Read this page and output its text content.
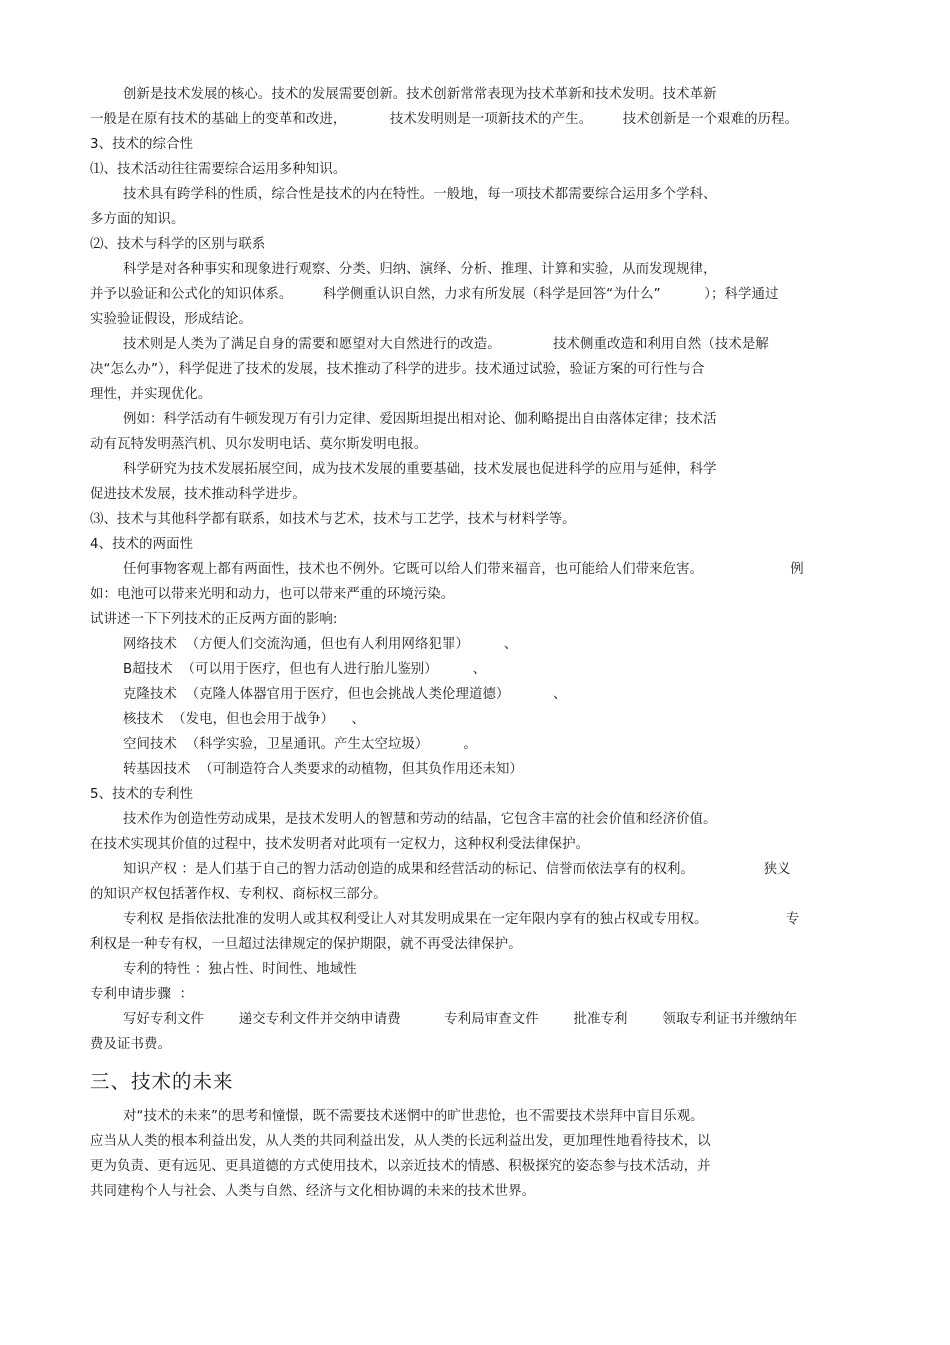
创新是技术发展的核心。技术的发展需要创新。技术创新常常表现为技术革新和技术发明。技术革新
一般是在原有技术的基础上的变革和改进，          技术发明则是一项新技术的产生。       技术创新是一个艰难的历程。
3、技术的综合性
⑴、技术活动往往需要综合运用多种知识。
技术具有跨学科的性质，综合性是技术的内在特性。一般地，每一项技术都需要综合运用多个学科、
多方面的知识。
⑵、技术与科学的区别与联系
科学是对各种事实和现象进行观察、分类、归纳、演绎、分析、推理、计算和实验，从而发现规律，
并予以验证和公式化的知识体系。       科学侧重认识自然，力求有所发展（科学是回答“为什么”          ）；科学通过
实验验证假设，形成结论。
技术则是人类为了满足自身的需要和愿望对大自然进行的改造。            技术侧重改造和利用自然（技术是解
决“怎么办”），科学促进了技术的发展，技术推动了科学的进步。技术通过试验，验证方案的可行性与合
理性，并实现优化。
例如：科学活动有牛顿发现万有引力定律、爱因斯坦提出相对论、伽利略提出自由落体定律；技术活
动有瓦特发明蒸汽机、贝尔发明电话、莫尔斯发明电报。
科学研究为技术发展拓展空间，成为技术发展的重要基础，技术发展也促进科学的应用与延伸，科学
促进技术发展，技术推动科学进步。
⑶、技术与其他科学都有联系，如技术与艺术，技术与工艺学，技术与材料学等。
4、技术的两面性
任何事物客观上都有两面性，技术也不例外。它既可以给人们带来福音，也可能给人们带来危害。                    例
如：电池可以带来光明和动力，也可以带来严重的环境污染。
试讲述一下下列技术的正反两方面的影响:
网络技术  （方便人们交流沟通，但也有人利用网络犯罪）        、
B超技术  （可以用于医疗，但也有人进行胎儿鉴别）        、
克隆技术  （克隆人体器官用于医疗，但也会挑战人类伦理道德）          、
核技术  （发电，但也会用于战争）    、
空间技术  （科学实验，卫星通讯。产生太空垃圾）        。
转基因技术  （可制造符合人类要求的动植物，但其负作用还未知）
5、技术的专利性
技术作为创造性劳动成果，是技术发明人的智慧和劳动的结晶，它包含丰富的社会价值和经济价值。
在技术实现其价值的过程中，技术发明者对此项有一定权力，这种权利受法律保护。
知识产权 ：是人们基于自己的智力活动创造的成果和经营活动的标记、信誉而依法享有的权利。                狭义
的知识产权包括著作权、专利权、商标权三部分。
专利权 是指依法批准的发明人或其权利受让人对其发明成果在一定年限内享有的独占权或专用权。                  专
利权是一种专有权，一旦超过法律规定的保护期限，就不再受法律保护。
专利的特性 ：独占性、时间性、地域性
专利申请步骤  ：
写好专利文件        递交专利文件并交纳申请费          专利局审查文件        批准专利        领取专利证书并缴纳年
费及证书费。
三、技术的未来
对“技术的未来”的思考和憧憬，既不需要技术迷惘中的旷世悲怆，也不需要技术崇拜中盲目乐观。
应当从人类的根本利益出发，从人类的共同利益出发，从人类的长远利益出发，更加理性地看待技术，以
更为负责、更有远见、更具道德的方式使用技术，以亲近技术的情感、积极探究的姿态参与技术活动，并
共同建构个人与社会、人类与自然、经济与文化相协调的未来的技术世界。
